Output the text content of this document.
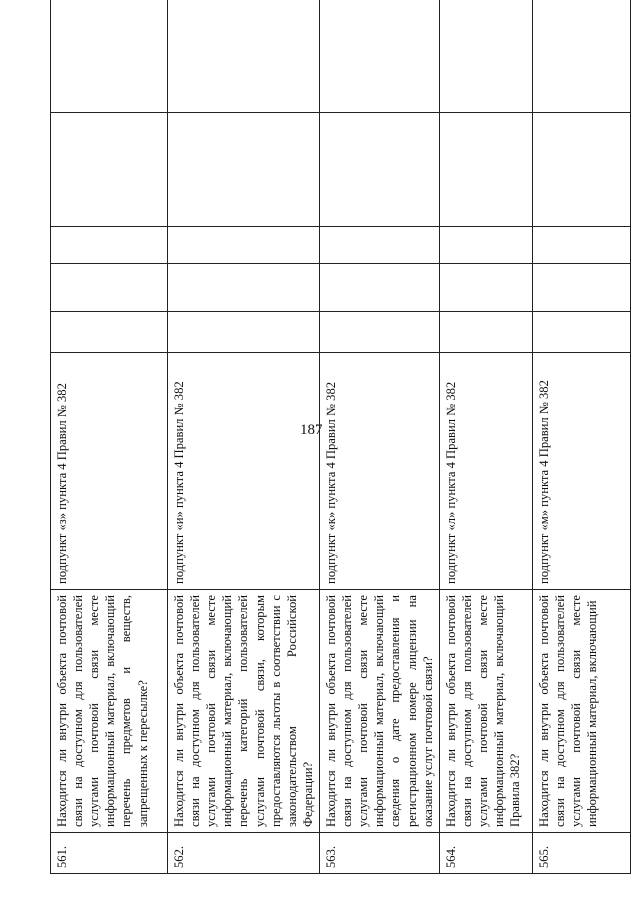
187
561.	Находится ли внутри объекта почтовой связи на доступном для пользователей услугами почтовой связи месте информационный материал, включающий перечень предметов и веществ, запрещенных к пересылке?	подпункт «з» пункта 4 Правил № 382					
562.	Находится ли внутри объекта почтовой связи на доступном для пользователей услугами почтовой связи месте информационный материал, включающий перечень категорий пользователей услугами почтовой связи, которым предоставляются льготы в соответствии с законодательством Российской Федерации?	подпункт «и» пункта 4 Правил № 382					
563.	Находится ли внутри объекта почтовой связи на доступном для пользователей услугами почтовой связи месте информационный материал, включающий сведения о дате предоставления и регистрационном номере лицензии на оказание услуг почтовой связи?	подпункт «к» пункта 4 Правил № 382					
564.	Находится ли внутри объекта почтовой связи на доступном для пользователей услугами почтовой связи месте информационный материал, включающий Правила 382?	подпункт «л» пункта 4 Правил № 382					
565.	Находится ли внутри объекта почтовой связи на доступном для пользователей услугами почтовой связи месте информационный материал, включающий	подпункт «м» пункта 4 Правил № 382					
